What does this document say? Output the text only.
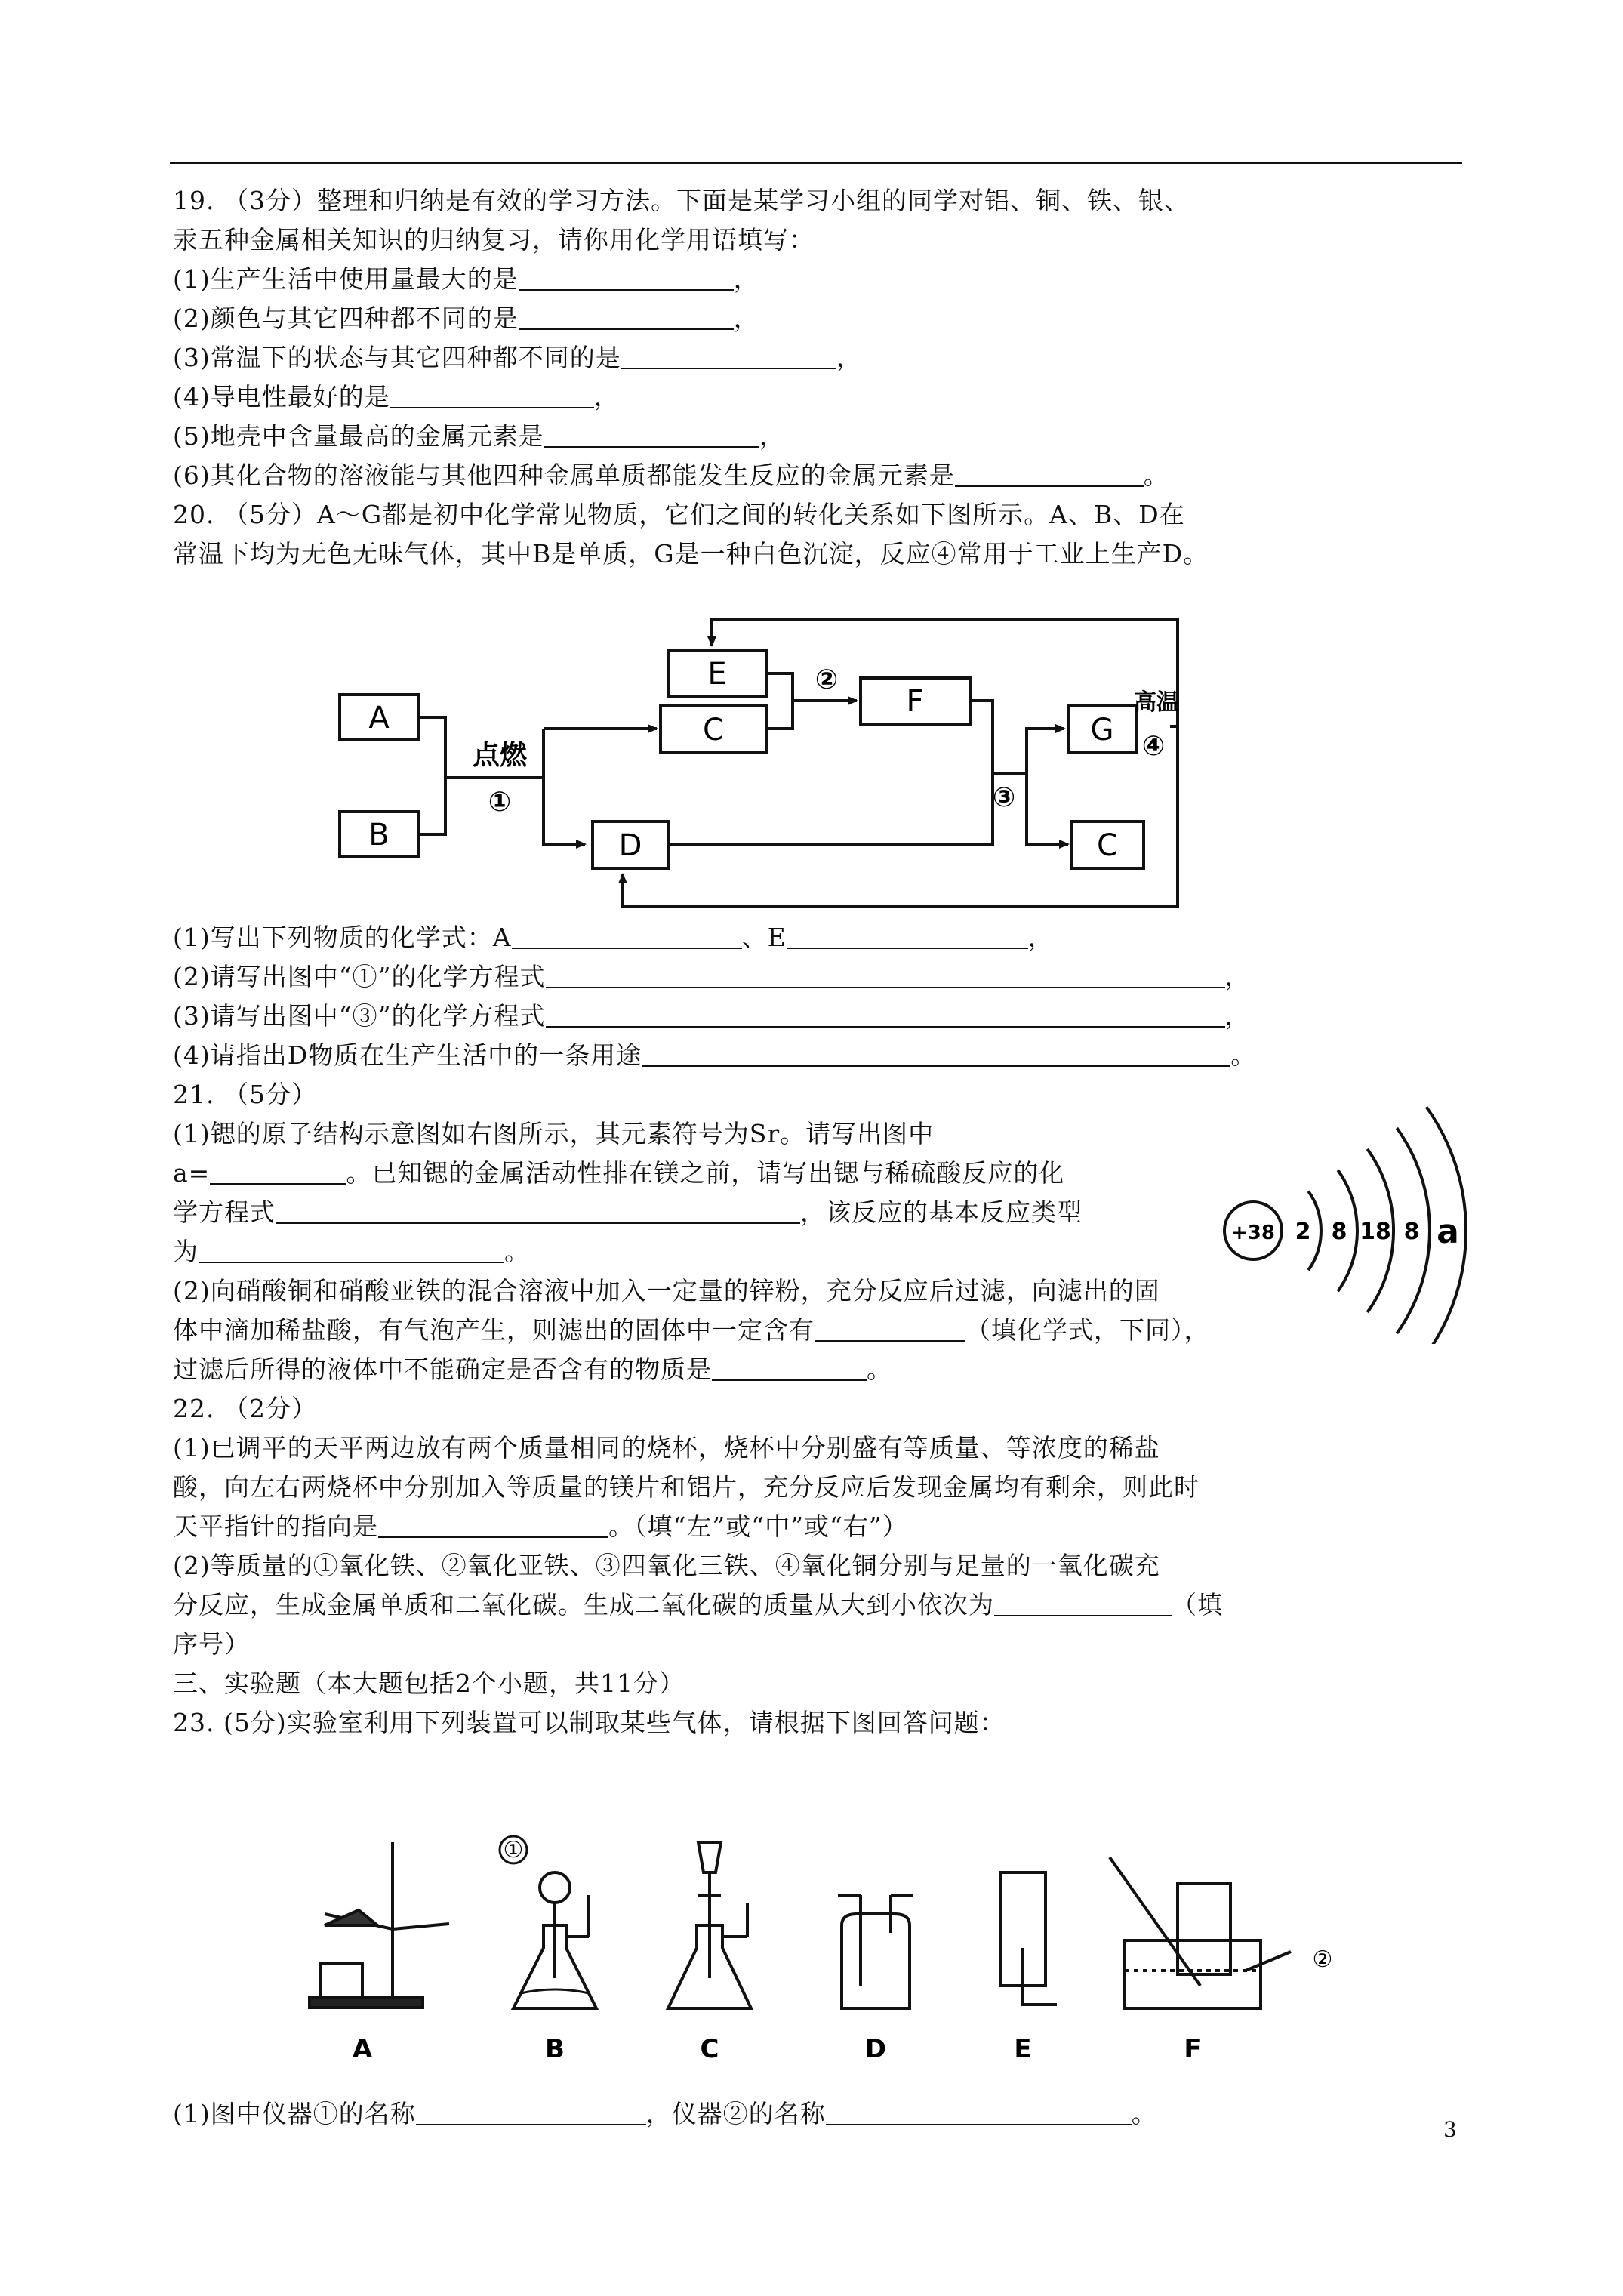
19. （3分）整理和归纳是有效的学习方法。下面是某学习小组的同学对铝、铜、铁、银、
汞五种金属相关知识的归纳复习，请你用化学用语填写：
(1)生产生活中使用量最大的是	，
(2)颜色与其它四种都不同的是	，
(3)常温下的状态与其它四种都不同的是	，
(4)导电性最好的是	，
(5)地壳中含量最高的金属元素是	，
(6)其化合物的溶液能与其他四种金属单质都能发生反应的金属元素是	。
20. （5分）A～G都是初中化学常见物质，它们之间的转化关系如下图所示。A、B、D在
常温下均为无色无味气体，其中B是单质，G是一种白色沉淀，反应④常用于工业上生产D。
(1)写出下列物质的化学式：A	、E	，
(2)请写出图中“①”的化学方程式	，
(3)请写出图中“③”的化学方程式	，
(4)请指出D物质在生产生活中的一条用途	。
21. （5分）
(1)锶的原子结构示意图如右图所示，其元素符号为Sr。请写出图中
a=	。已知锶的金属活动性排在镁之前，请写出锶与稀硫酸反应的化
学方程式	，该反应的基本反应类型
为	。
(2)向硝酸铜和硝酸亚铁的混合溶液中加入一定量的锌粉，充分反应后过滤，向滤出的固
体中滴加稀盐酸，有气泡产生，则滤出的固体中一定含有	（填化学式，下同），
过滤后所得的液体中不能确定是否含有的物质是	。
22. （2分）
(1)已调平的天平两边放有两个质量相同的烧杯，烧杯中分别盛有等质量、等浓度的稀盐
酸，向左右两烧杯中分别加入等质量的镁片和铝片，充分反应后发现金属均有剩余，则此时
天平指针的指向是	。（填“左”或“中”或“右”）
(2)等质量的①氧化铁、②氧化亚铁、③四氧化三铁、④氧化铜分别与足量的一氧化碳充
分反应，生成金属单质和二氧化碳。生成二氧化碳的质量从大到小依次为	（填
序号）
三、实验题（本大题包括2个小题，共11分）
23. (5分)实验室利用下列装置可以制取某些气体，请根据下图回答问题：
(1)图中仪器①的名称	，仪器②的名称	。
A
B
E
C
D
F
G
C
点燃
①
②
③
高温
④
+38 2 8 18 8 a
①
②
A	B	C	D	E	F
3
